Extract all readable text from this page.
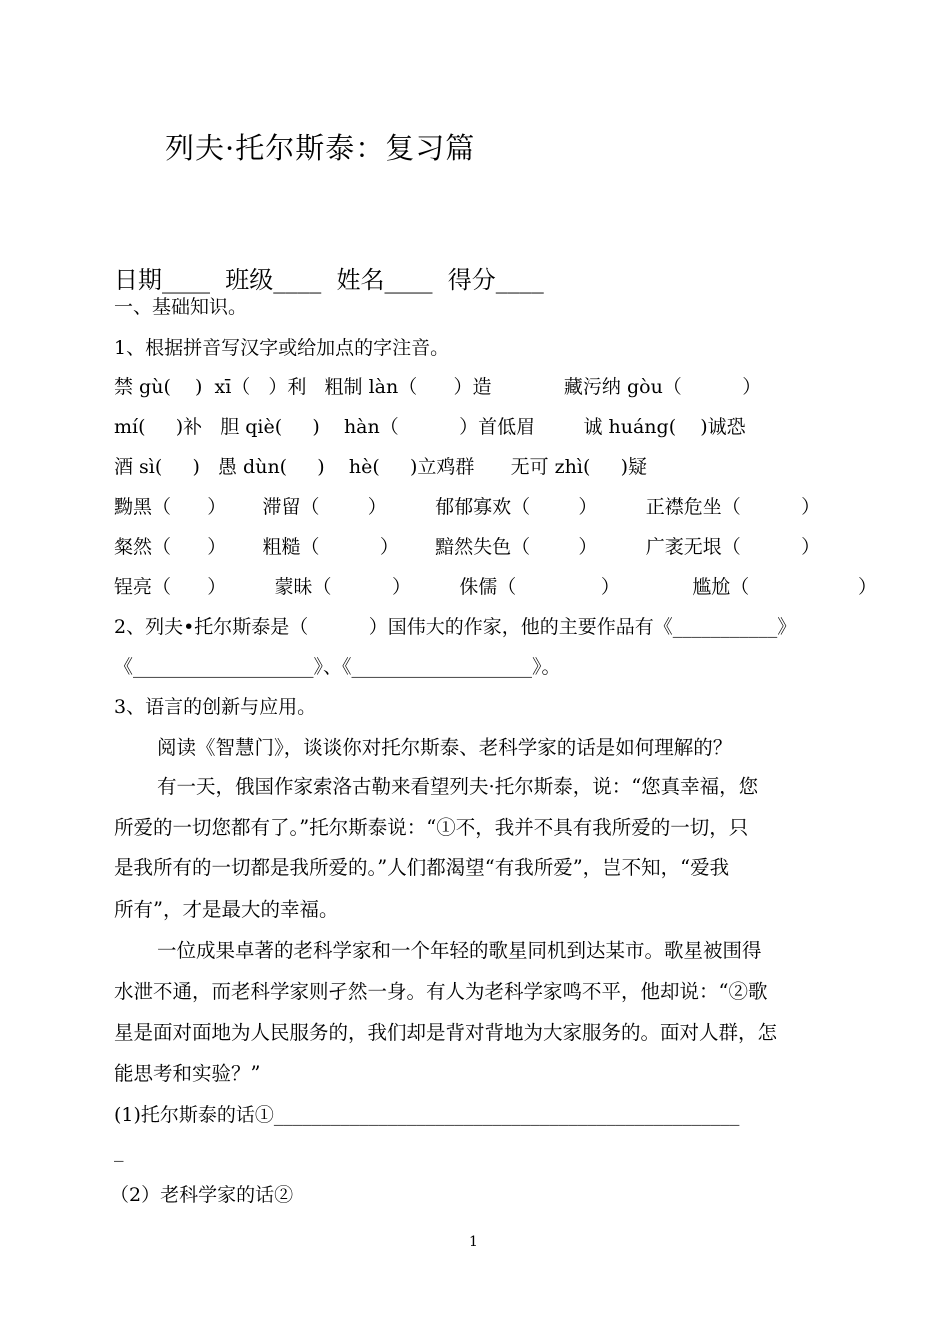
列夫·托尔斯泰：复习篇
日期____  班级____  姓名____  得分____
一、基础知识。
1、根据拼音写汉字或给加点的字注音。
禁 gù(    )  xī（   ）利   粗制 làn（      ）造            藏污纳 gòu（          ）
mí(     )补   胆 qiè(     )    hàn（          ）首低眉        诚 huáng(    )诚恐
酒 sì(     )   愚 dùn(     )    hè(     )立鸡群      无可 zhì(     )疑
黝黑（      ）      滞留（        ）        郁郁寡欢（        ）        正襟危坐（          ）
粲然（      ）      粗糙（          ）      黯然失色（        ）        广袤无垠（          ）
锃亮（      ）        蒙昧（          ）        侏儒（              ）            尴尬（                  ）
2、列夫•托尔斯泰是（          ）国伟大的作家，他的主要作品有《___________》
《___________________》、《___________________》。
3、语言的创新与应用。
阅读《智慧门》，谈谈你对托尔斯泰、老科学家的话是如何理解的？
有一天，俄国作家索洛古勒来看望列夫·托尔斯泰，说：“您真幸福，您
所爱的一切您都有了。”托尔斯泰说：“①不，我并不具有我所爱的一切，只
是我所有的一切都是我所爱的。”人们都渴望“有我所爱”，岂不知，“爱我
所有”，才是最大的幸福。
一位成果卓著的老科学家和一个年轻的歌星同机到达某市。歌星被围得
水泄不通，而老科学家则孑然一身。有人为老科学家鸣不平，他却说：“②歌
星是面对面地为人民服务的，我们却是背对背地为大家服务的。面对人群，怎
能思考和实验？”
(1)托尔斯泰的话①_________________________________________________
_
（2）老科学家的话②
1
